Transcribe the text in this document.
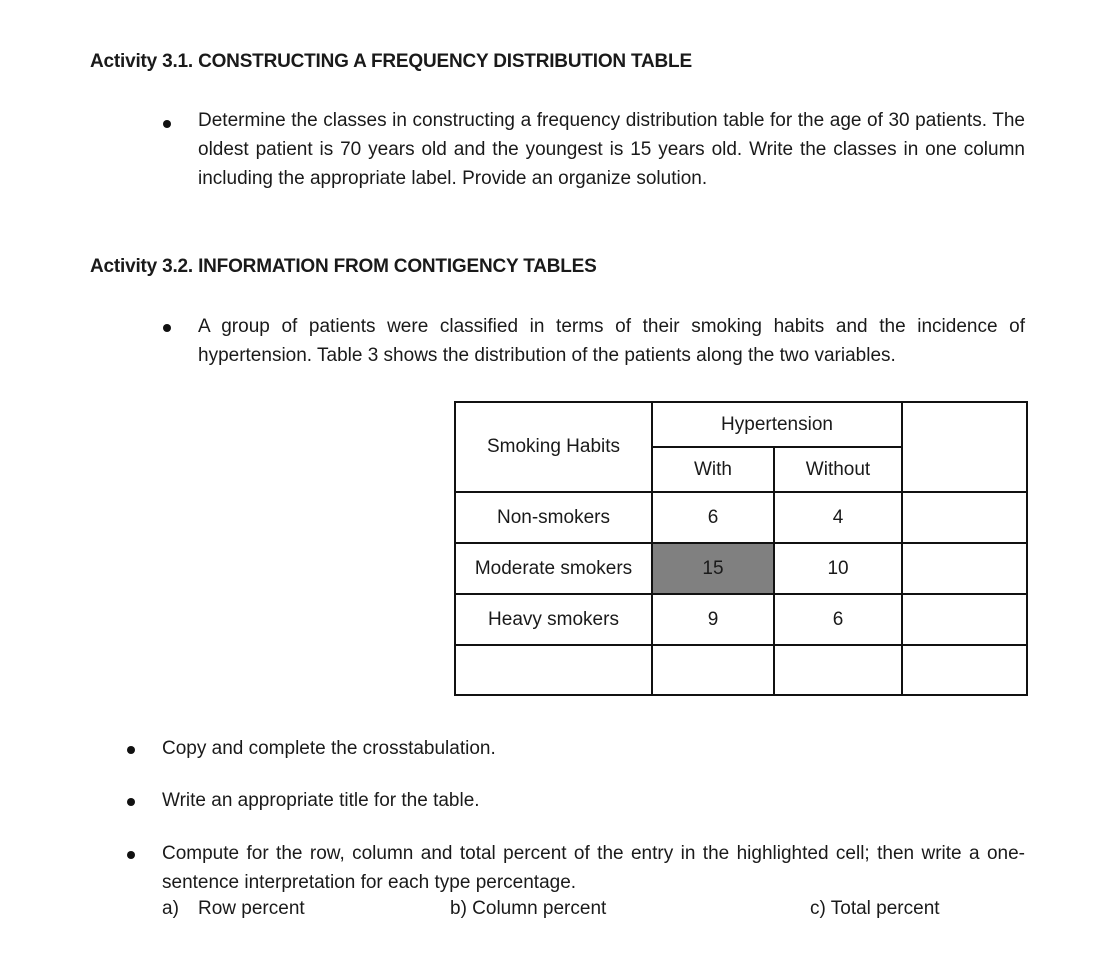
Activity 3.1. CONSTRUCTING A FREQUENCY DISTRIBUTION TABLE
Determine the classes in constructing a frequency distribution table for the age of 30 patients. The oldest patient is 70 years old and the youngest is 15 years old. Write the classes in one column including the appropriate label. Provide an organize solution.
Activity 3.2. INFORMATION FROM CONTIGENCY TABLES
A group of patients were classified in terms of their smoking habits and the incidence of hypertension. Table 3 shows the distribution of the patients along the two variables.
Smoking Habits	Hypertension		
	With	Without	
Non-smokers	6	4	
Moderate smokers	15	10	
Heavy smokers	9	6	

Copy and complete the crosstabulation.
Write an appropriate title for the table.
Compute for the row, column and total percent of the entry in the highlighted cell; then write a one-sentence interpretation for each type percentage.
a) Row percent	b) Column percent	c) Total percent
